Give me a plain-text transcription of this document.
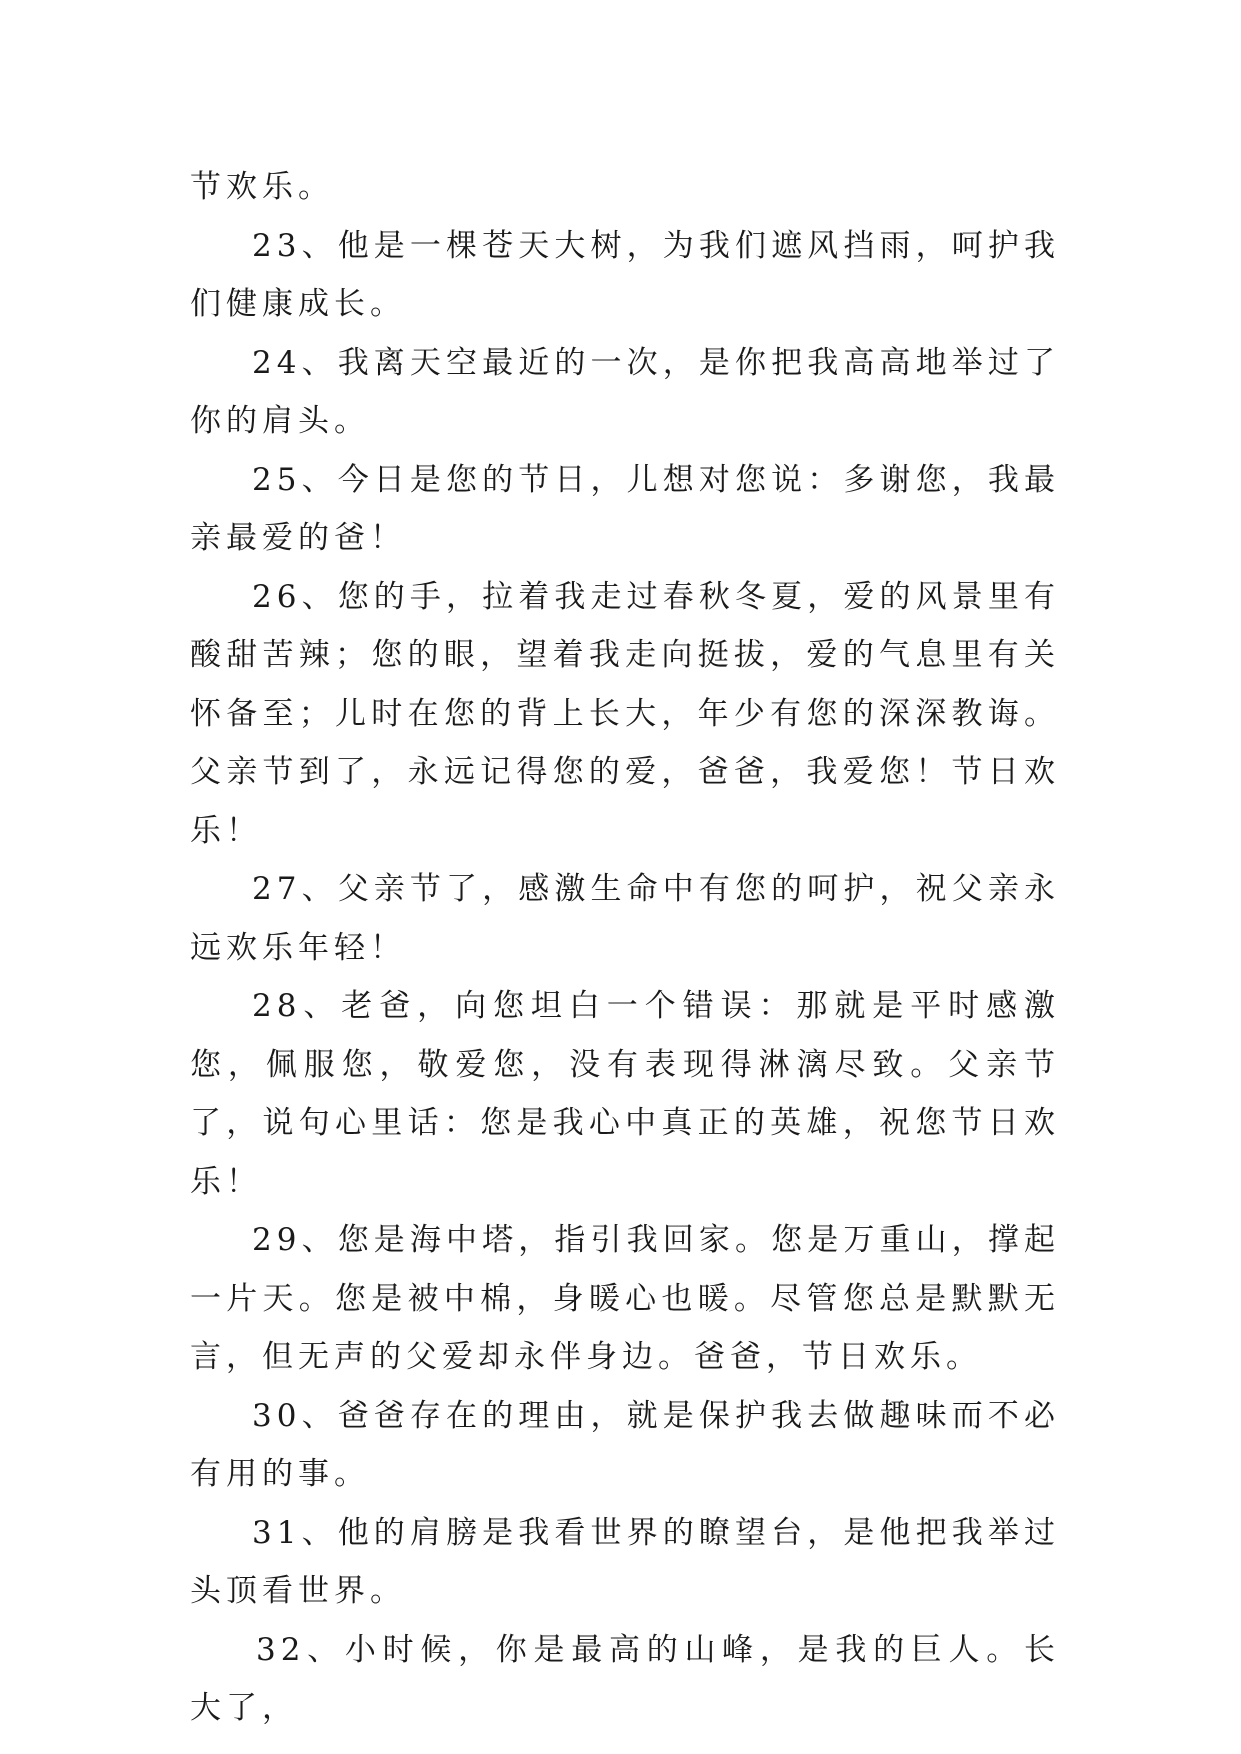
节欢乐。

23、他是一棵苍天大树，为我们遮风挡雨，呵护我们健康成长。

24、我离天空最近的一次，是你把我高高地举过了你的肩头。

25、今日是您的节日，儿想对您说：多谢您，我最亲最爱的爸！

26、您的手，拉着我走过春秋冬夏，爱的风景里有酸甜苦辣；您的眼，望着我走向挺拔，爱的气息里有关怀备至；儿时在您的背上长大，年少有您的深深教诲。父亲节到了，永远记得您的爱，爸爸，我爱您！节日欢乐！

27、父亲节了，感激生命中有您的呵护，祝父亲永远欢乐年轻！

28、老爸，向您坦白一个错误：那就是平时感激您，佩服您，敬爱您，没有表现得淋漓尽致。父亲节了，说句心里话：您是我心中真正的英雄，祝您节日欢乐！

29、您是海中塔，指引我回家。您是万重山，撑起一片天。您是被中棉，身暖心也暖。尽管您总是默默无言，但无声的父爱却永伴身边。爸爸，节日欢乐。

30、爸爸存在的理由，就是保护我去做趣味而不必有用的事。

31、他的肩膀是我看世界的瞭望台，是他把我举过头顶看世界。

32、小时候，你是最高的山峰，是我的巨人。长大了，
